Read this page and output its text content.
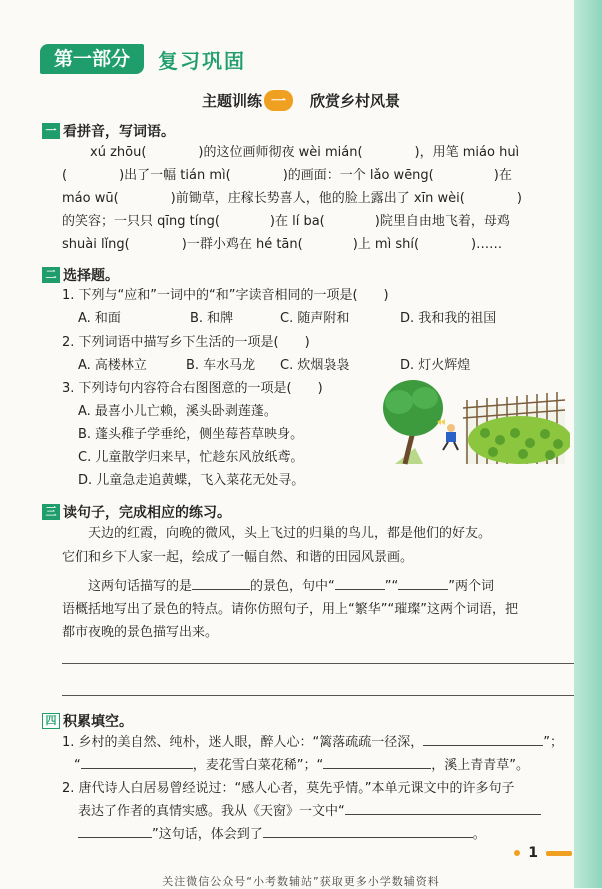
第一部分	复习巩固
主题训练 一　 欣赏乡村风景
一 看拼音，写词语。
xú zhōu(	)的这位画师彻夜 wèi mián(	)，用笔 miáo huì
(	)出了一幅 tián mì(	)的画面：一个 lǎo wēng(	)在
máo wū(	)前锄草，庄稼长势喜人，他的脸上露出了 xīn wèi(	)
的笑容；一只只 qīng tíng(	)在 lí ba(	)院里自由地飞着，母鸡
shuài lǐng(	)一群小鸡在 hé tān(	)上 mì shí(	)……
二 选择题。
1. 下列与“应和”一词中的“和”字读音相同的一项是(　　)
A. 和面	B. 和牌	C. 随声附和	D. 我和我的祖国
2. 下列词语中描写乡下生活的一项是(　　)
A. 高楼林立	B. 车水马龙 C. 炊烟袅袅	D. 灯火辉煌
3. 下列诗句内容符合右图图意的一项是(　　)
A. 最喜小儿亡赖，溪头卧剥莲蓬。
B. 蓬头稚子学垂纶，侧坐莓苔草映身。
C. 儿童散学归来早，忙趁东风放纸鸢。
D. 儿童急走追黄蝶，飞入菜花无处寻。
三 读句子，完成相应的练习。
天边的红霞，向晚的微风，头上飞过的归巢的鸟儿，都是他们的好友。
它们和乡下人家一起，绘成了一幅自然、和谐的田园风景画。
这两句话描写的是	的景色，句中“	”“	”两个词
语概括地写出了景色的特点。请你仿照句子，用上“繁华”“璀璨”这两个词语，把
都市夜晚的景色描写出来。
四 积累填空。
1. 乡村的美自然、纯朴，迷人眼，醉人心：“篱落疏疏一径深，	”；
“	，麦花雪白菜花稀”；“	，溪上青青草”。
2. 唐代诗人白居易曾经说过：“感人心者，莫先乎情。”本单元课文中的许多句子
表达了作者的真情实感。我从《天窗》一文中“
”这句话，体会到了	。
1
关注微信公众号“小考数辅站”获取更多小学数辅资料
